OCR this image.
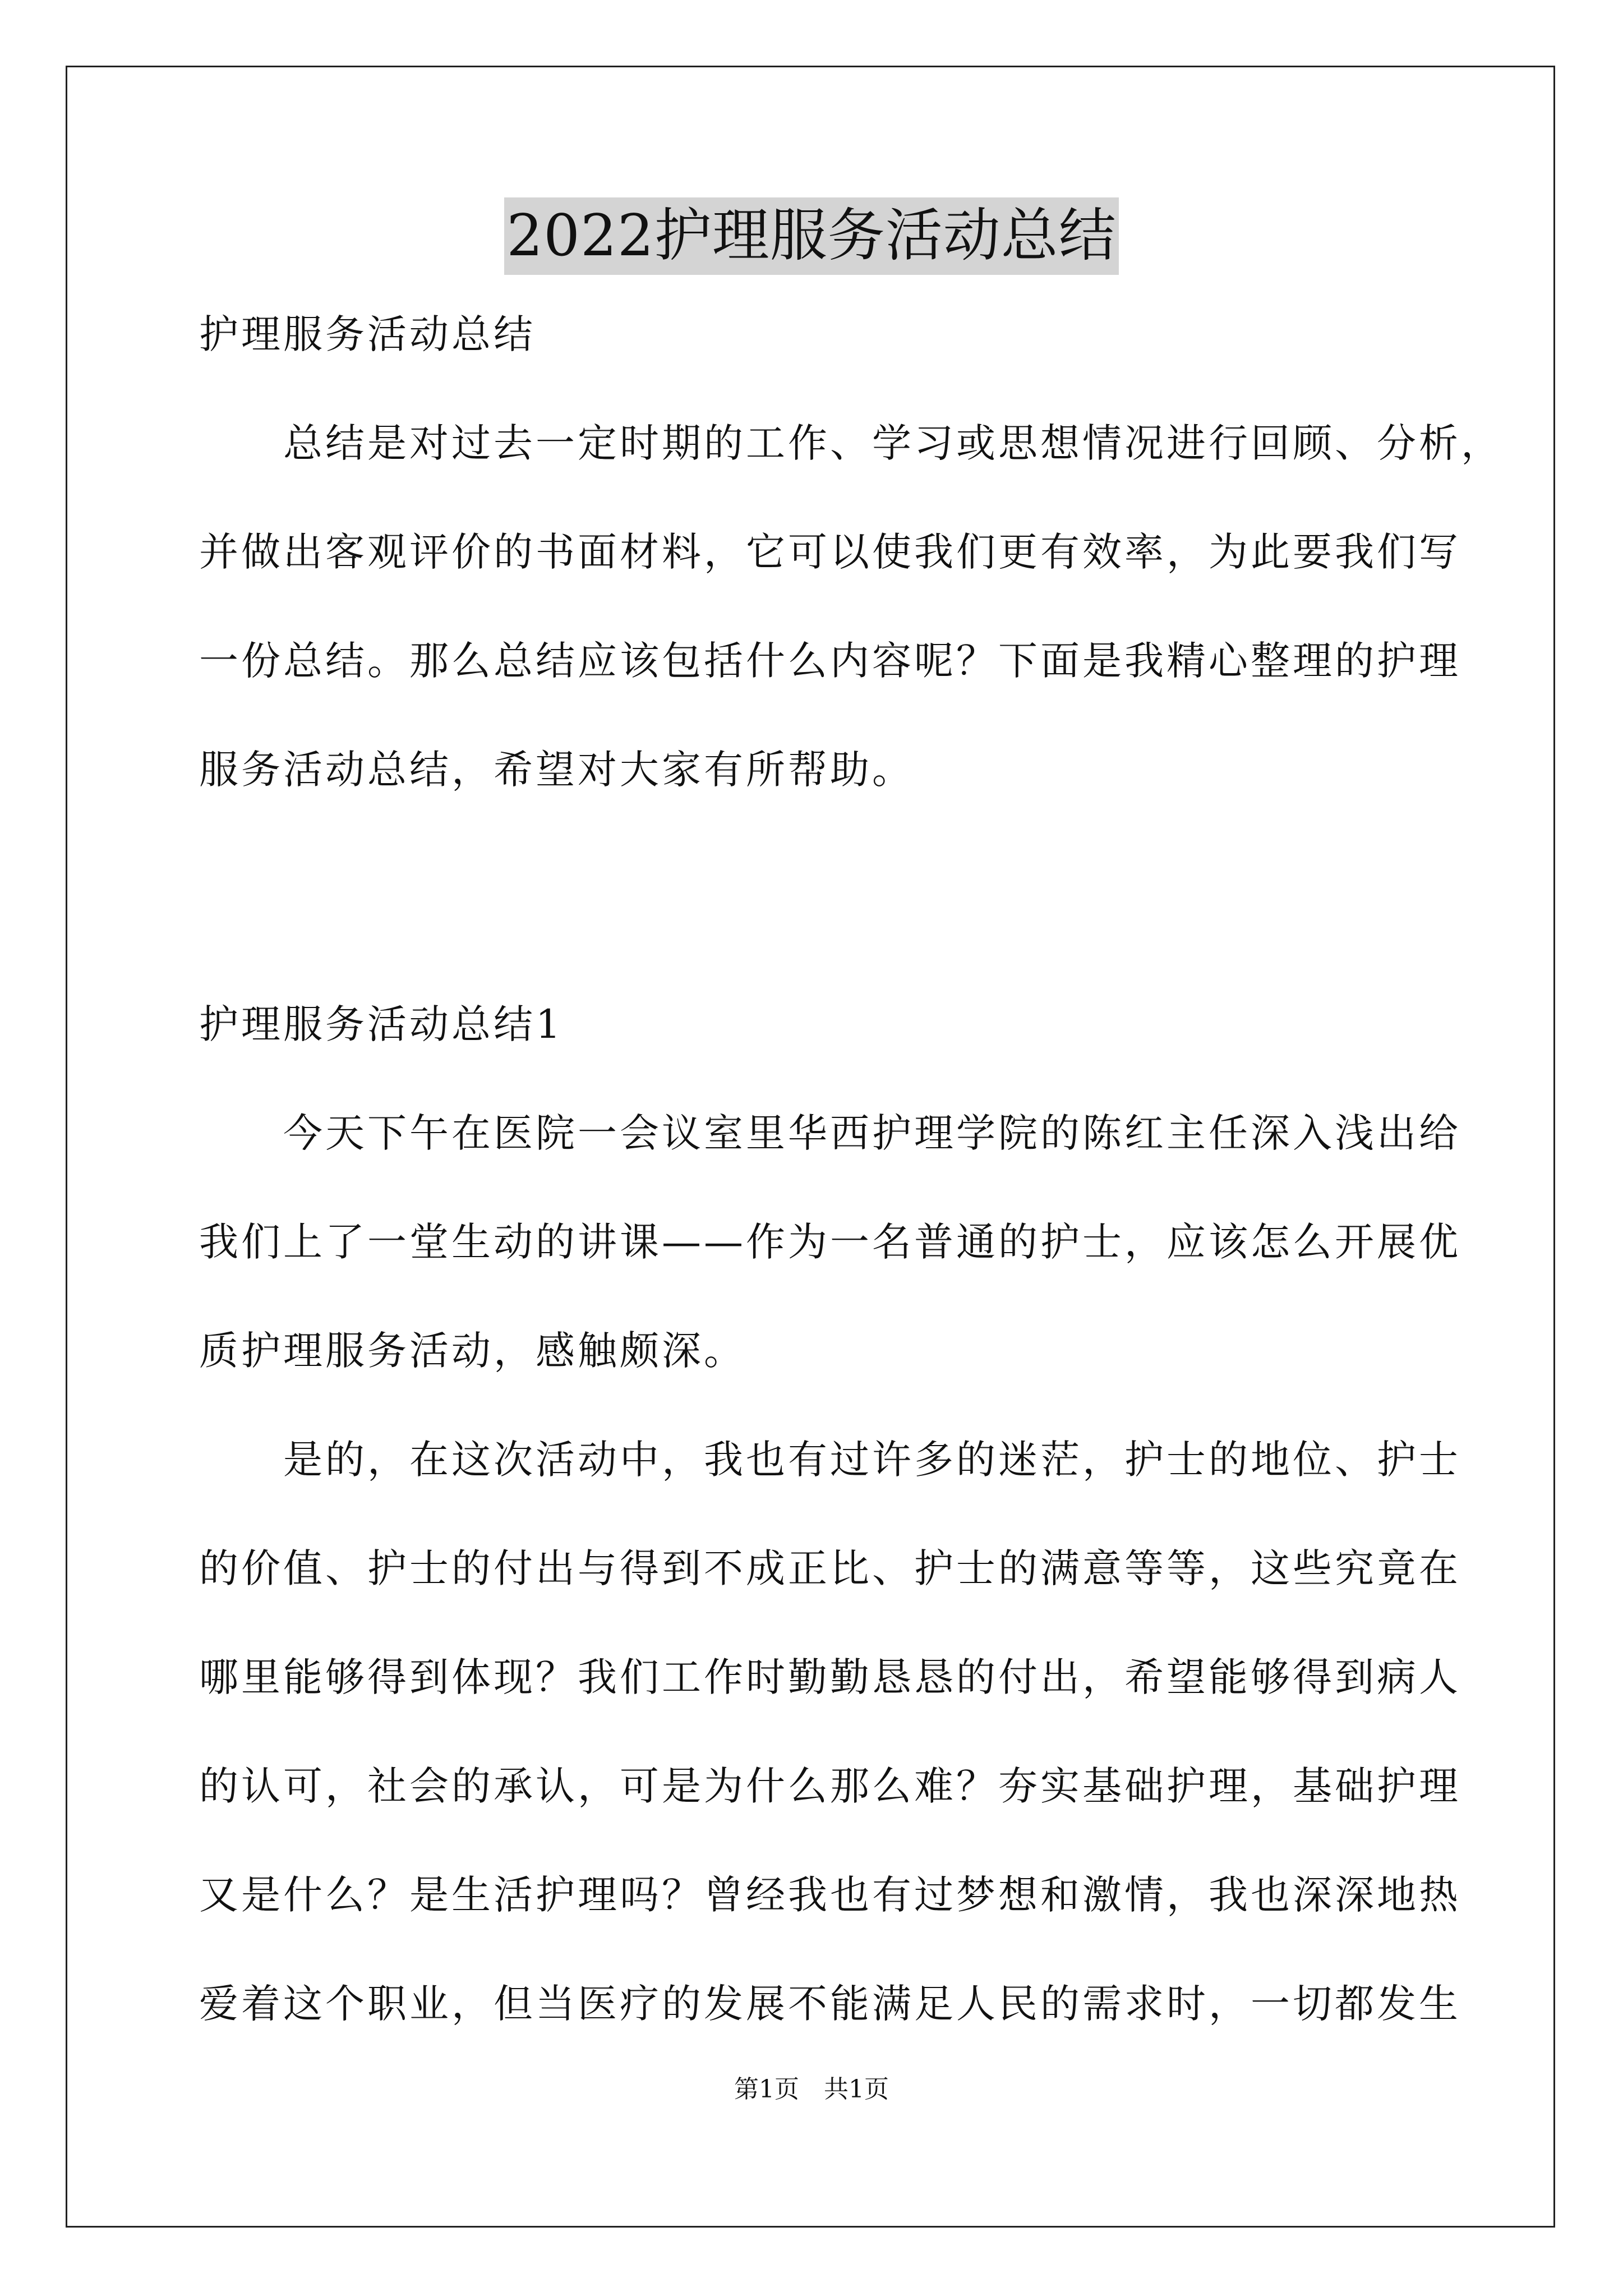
2022护理服务活动总结
护理服务活动总结
　　总结是对过去一定时期的工作、学习或思想情况进行回顾、分析，
并做出客观评价的书面材料，它可以使我们更有效率，为此要我们写
一份总结。那么总结应该包括什么内容呢？下面是我精心整理的护理
服务活动总结，希望对大家有所帮助。
护理服务活动总结1
　　今天下午在医院一会议室里华西护理学院的陈红主任深入浅出给
我们上了一堂生动的讲课——作为一名普通的护士，应该怎么开展优
质护理服务活动，感触颇深。
　　是的，在这次活动中，我也有过许多的迷茫，护士的地位、护士
的价值、护士的付出与得到不成正比、护士的满意等等，这些究竟在
哪里能够得到体现？我们工作时勤勤恳恳的付出，希望能够得到病人
的认可，社会的承认，可是为什么那么难？夯实基础护理，基础护理
又是什么？是生活护理吗？曾经我也有过梦想和激情，我也深深地热
爱着这个职业，但当医疗的发展不能满足人民的需求时，一切都发生
第1页　共1页
